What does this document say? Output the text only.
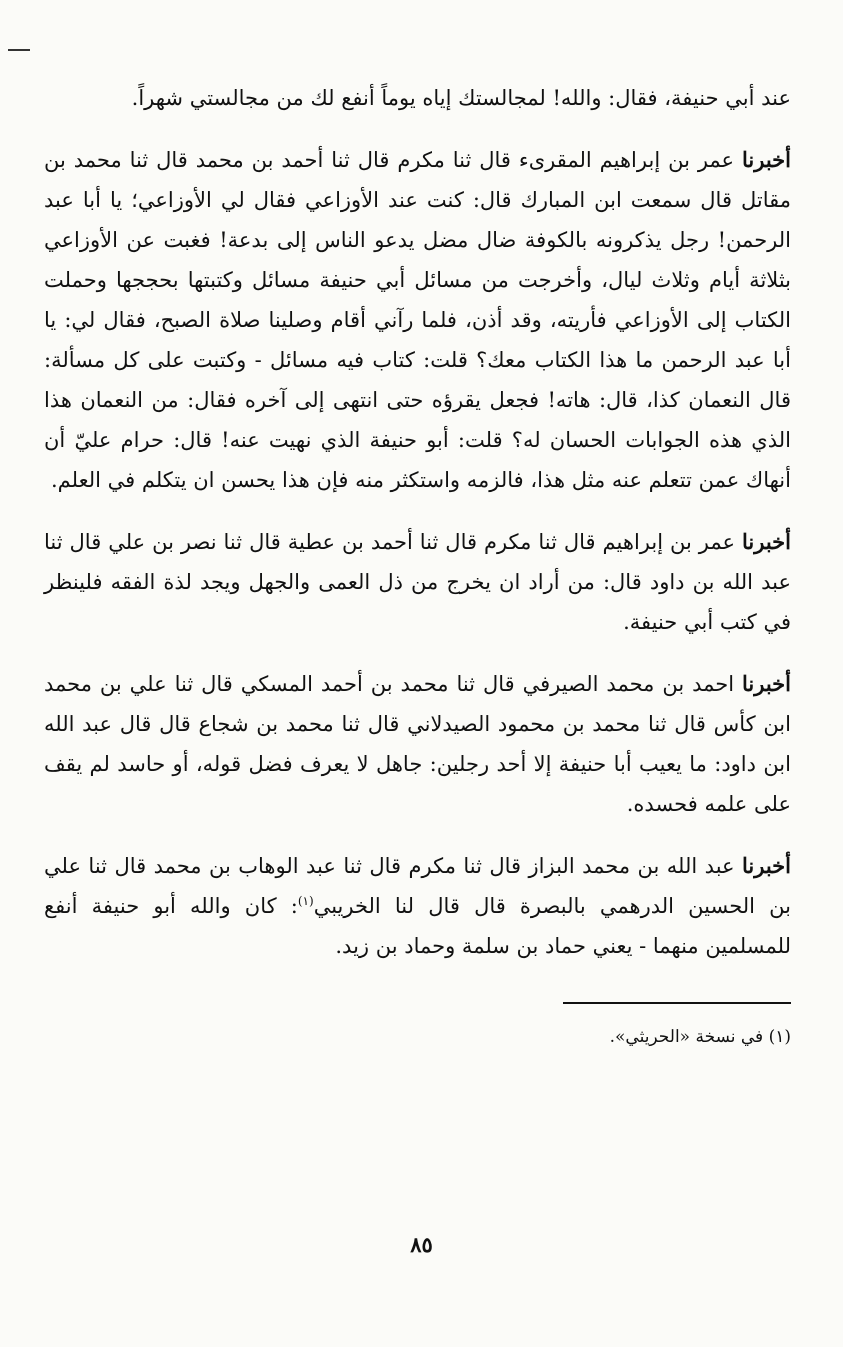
عند أبي حنيفة، فقال: والله! لمجالستك إياه يوماً أنفع لك من مجالستي شهراً.

أخبرنا عمر بن إبراهيم المقرىء قال ثنا مكرم قال ثنا أحمد بن محمد قال ثنا محمد بن مقاتل قال سمعت ابن المبارك قال: كنت عند الأوزاعي فقال لي الأوزاعي؛ يا أبا عبد الرحمن! رجل يذكرونه بالكوفة ضال مضل يدعو الناس إلى بدعة! فغبت عن الأوزاعي بثلاثة أيام وثلاث ليال، وأخرجت من مسائل أبي حنيفة مسائل وكتبتها بحججها وحملت الكتاب إلى الأوزاعي فأريته، وقد أذن، فلما رآني أقام وصلينا صلاة الصبح، فقال لي: يا أبا عبد الرحمن ما هذا الكتاب معك؟ قلت: كتاب فيه مسائل - وكتبت على كل مسألة: قال النعمان كذا، قال: هاته! فجعل يقرؤه حتى انتهى إلى آخره فقال: من النعمان هذا الذي هذه الجوابات الحسان له؟ قلت: أبو حنيفة الذي نهيت عنه! قال: حرام عليّ أن أنهاك عمن تتعلم عنه مثل هذا، فالزمه واستكثر منه فإن هذا يحسن ان يتكلم في العلم.

أخبرنا عمر بن إبراهيم قال ثنا مكرم قال ثنا أحمد بن عطية قال ثنا نصر بن علي قال ثنا عبد الله بن داود قال: من أراد ان يخرج من ذل العمى والجهل ويجد لذة الفقه فلينظر في كتب أبي حنيفة.

أخبرنا احمد بن محمد الصيرفي قال ثنا محمد بن أحمد المسكي قال ثنا علي بن محمد ابن كأس قال ثنا محمد بن محمود الصيدلاني قال ثنا محمد بن شجاع قال قال عبد الله ابن داود: ما يعيب أبا حنيفة إلا أحد رجلين: جاهل لا يعرف فضل قوله، أو حاسد لم يقف على علمه فحسده.

أخبرنا عبد الله بن محمد البزاز قال ثنا مكرم قال ثنا عبد الوهاب بن محمد قال ثنا علي بن الحسين الدرهمي بالبصرة قال قال لنا الخريبي$^{(١)}$: كان والله أبو حنيفة أنفع للمسلمين منهما - يعني حماد بن سلمة وحماد بن زيد.

(١) في نسخة «الحريثي».

٨٥
